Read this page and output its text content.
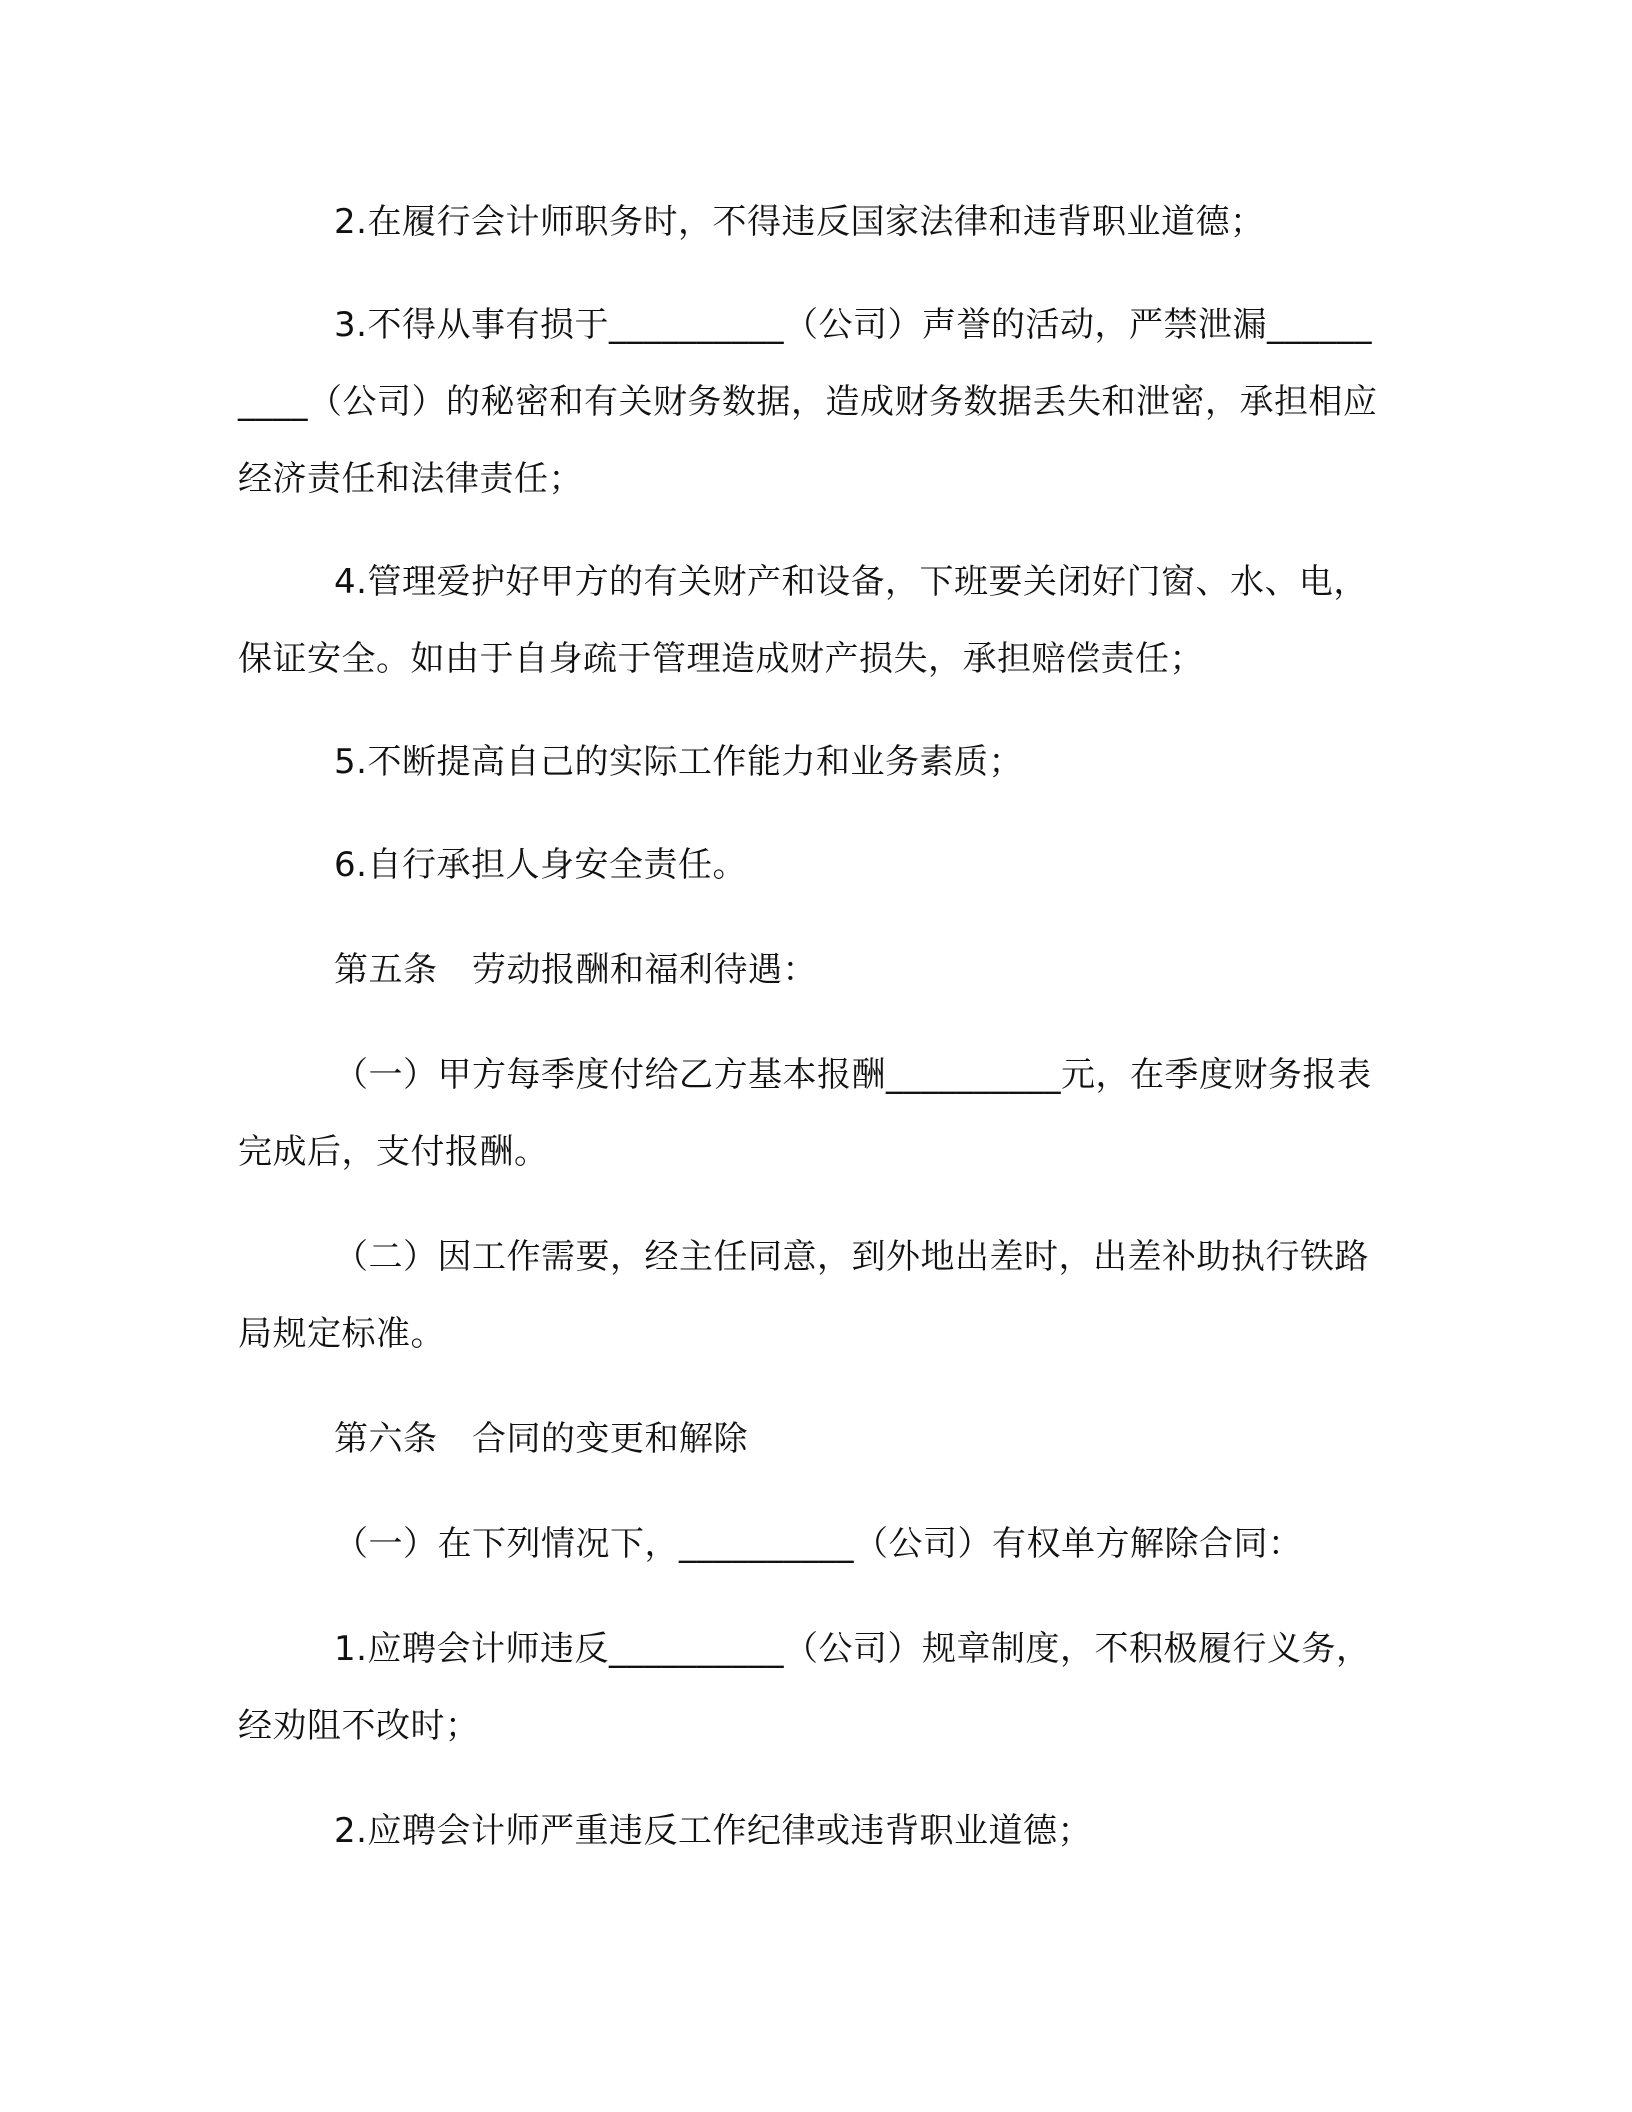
2.在履行会计师职务时，不得违反国家法律和违背职业道德；

3.不得从事有损于__________（公司）声誉的活动，严禁泄漏__________（公司）的秘密和有关财务数据，造成财务数据丢失和泄密，承担相应经济责任和法律责任；

4.管理爱护好甲方的有关财产和设备，下班要关闭好门窗、水、电，保证安全。如由于自身疏于管理造成财产损失，承担赔偿责任；

5.不断提高自己的实际工作能力和业务素质；

6.自行承担人身安全责任。

第五条　劳动报酬和福利待遇：

（一）甲方每季度付给乙方基本报酬__________元，在季度财务报表完成后，支付报酬。

（二）因工作需要，经主任同意，到外地出差时，出差补助执行铁路局规定标准。

第六条　合同的变更和解除

（一）在下列情况下，__________（公司）有权单方解除合同：

1.应聘会计师违反__________（公司）规章制度，不积极履行义务，经劝阻不改时；

2.应聘会计师严重违反工作纪律或违背职业道德；
